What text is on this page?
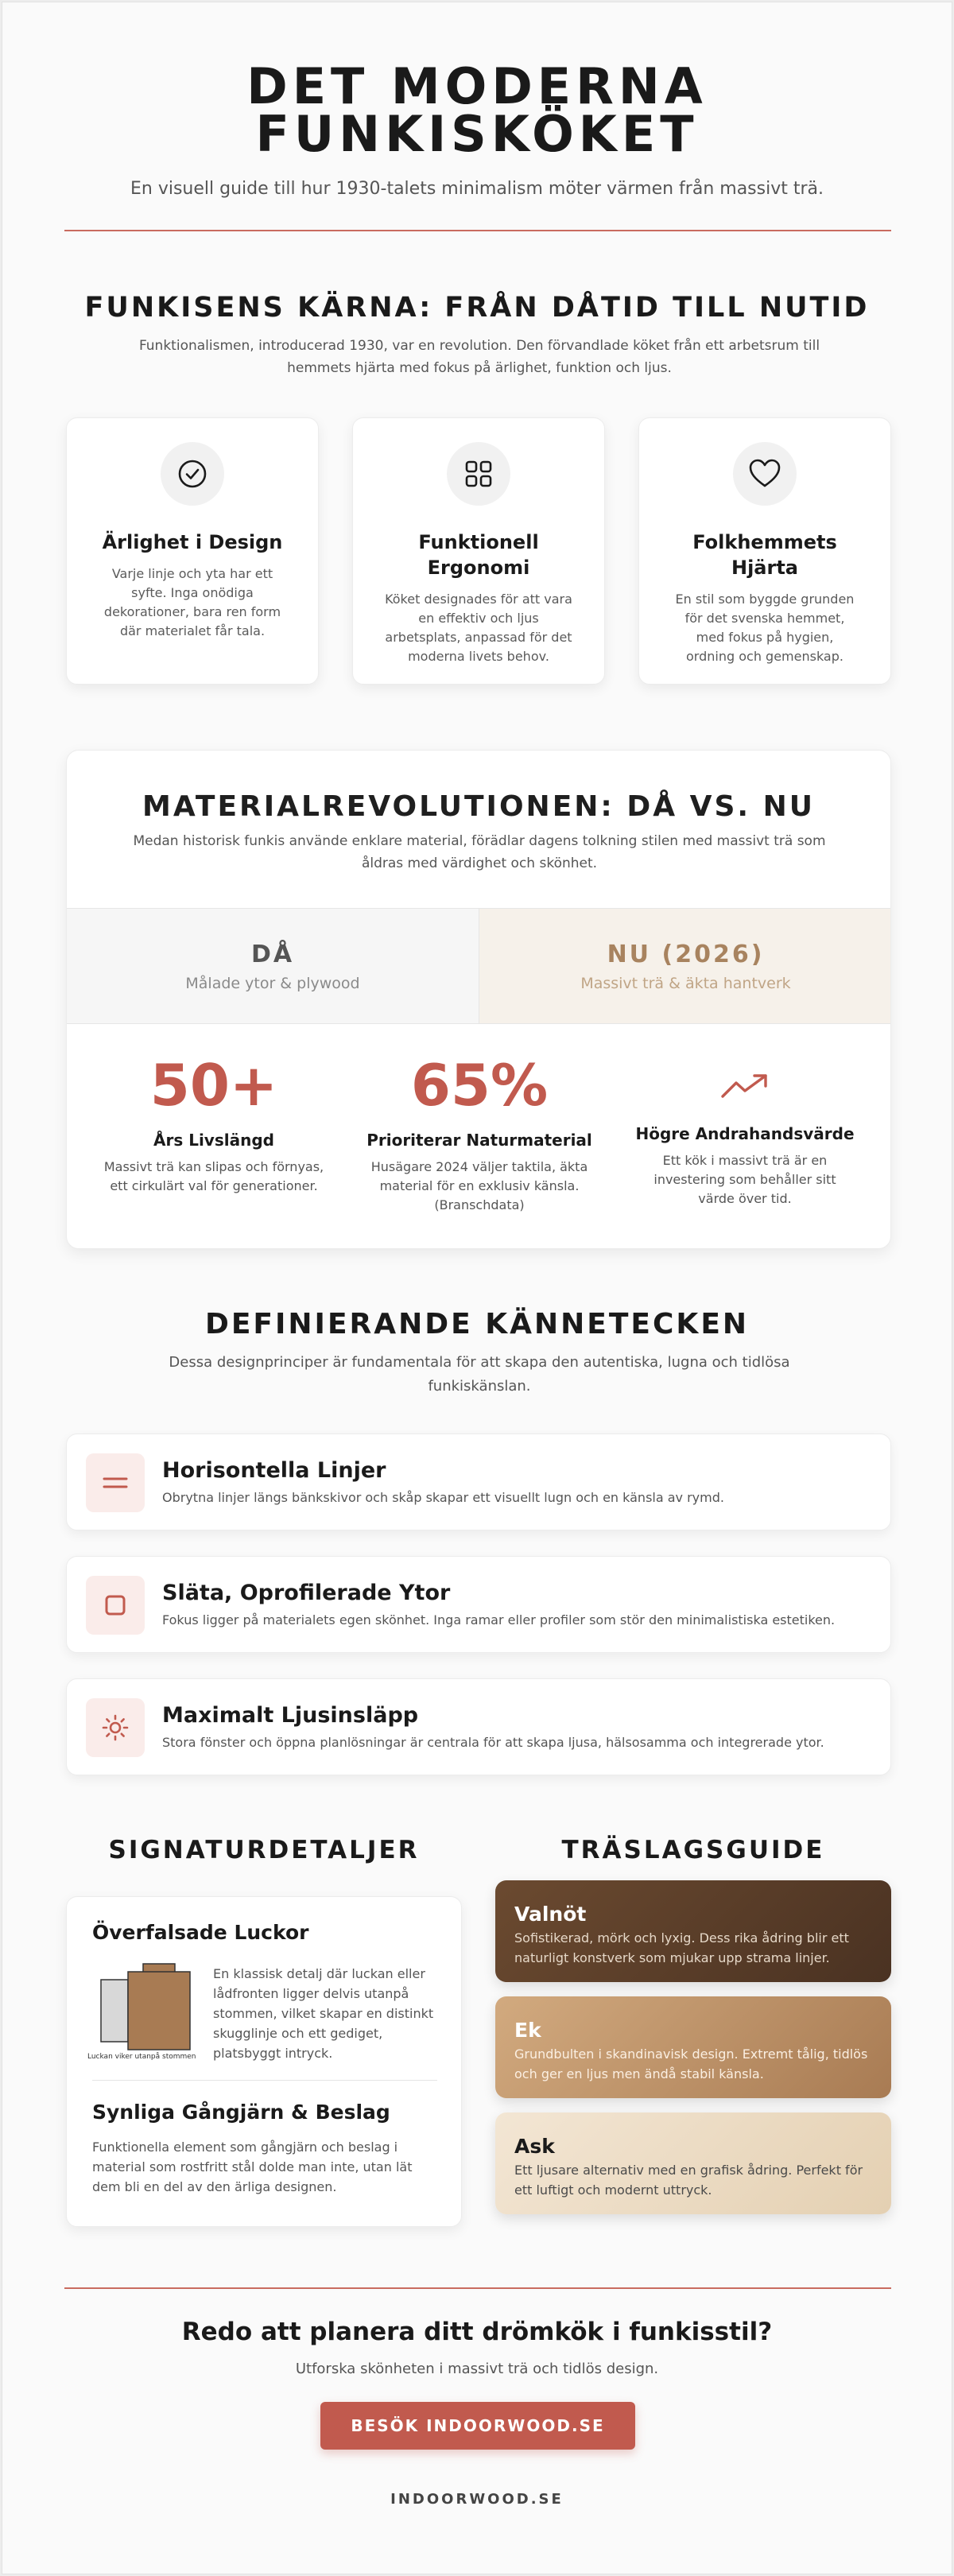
DET MODERNA
FUNKISKÖKET

En visuell guide till hur 1930-talets minimalism möter värmen från massivt trä.

FUNKISENS KÄRNA: FRÅN DÅTID TILL NUTID
Funktionalismen, introducerad 1930, var en revolution. Den förvandlade köket från ett arbetsrum till hemmets hjärta med fokus på ärlighet, funktion och ljus.
Ärlighet i Design

Varje linje och yta har ett syfte. Inga onödiga dekorationer, bara ren form där materialet får tala.

Funktionell Ergonomi

Köket designades för att vara en effektiv och ljus arbetsplats, anpassad för det moderna livets behov.

Folkhemmets Hjärta

En stil som byggde grunden för det svenska hemmet, med fokus på hygien, ordning och gemenskap.

MATERIALREVOLUTIONEN: DÅ VS. NU
Medan historisk funkis använde enklare material, förädlar dagens tolkning stilen med massivt trä som åldras med värdighet och skönhet.
DÅ
Målade ytor & plywood
NU (2026)
Massivt trä & äkta hantverk
50+
Års Livslängd

Massivt trä kan slipas och förnyas, ett cirkulärt val för generationer.

65%
Prioriterar Naturmaterial

Husägare 2024 väljer taktila, äkta material för en exklusiv känsla. (Branschdata)

Högre Andrahandsvärde

Ett kök i massivt trä är en investering som behåller sitt värde över tid.

DEFINIERANDE KÄNNETECKEN
Dessa designprinciper är fundamentala för att skapa den autentiska, lugna och tidlösa funkiskänslan.
Horisontella Linjer

Obrytna linjer längs bänkskivor och skåp skapar ett visuellt lugn och en känsla av rymd.

Släta, Oprofilerade Ytor

Fokus ligger på materialets egen skönhet. Inga ramar eller profiler som stör den minimalistiska estetiken.

Maximalt Ljusinsläpp

Stora fönster och öppna planlösningar är centrala för att skapa ljusa, hälsosamma och integrerade ytor.

SIGNATURDETALJER	TRÄSLAGSGUIDE
Överfalsade Luckor
Luckan viker utanpå stommen
En klassisk detalj där luckan eller lådfronten ligger delvis utanpå stommen, vilket skapar en distinkt skugglinje och ett gediget, platsbyggt intryck.
Synliga Gångjärn & Beslag
Funktionella element som gångjärn och beslag i material som rostfritt stål dolde man inte, utan lät dem bli en del av den ärliga designen.
Valnöt

Sofistikerad, mörk och lyxig. Dess rika ådring blir ett naturligt konstverk som mjukar upp strama linjer.

Ek

Grundbulten i skandinavisk design. Extremt tålig, tidlös och ger en ljus men ändå stabil känsla.

Ask

Ett ljusare alternativ med en grafisk ådring. Perfekt för ett luftigt och modernt uttryck.

Redo att planera ditt drömkök i funkisstil?
Utforska skönheten i massivt trä och tidlös design.
BESÖK INDOORWOOD.SE
INDOORWOOD.SE
